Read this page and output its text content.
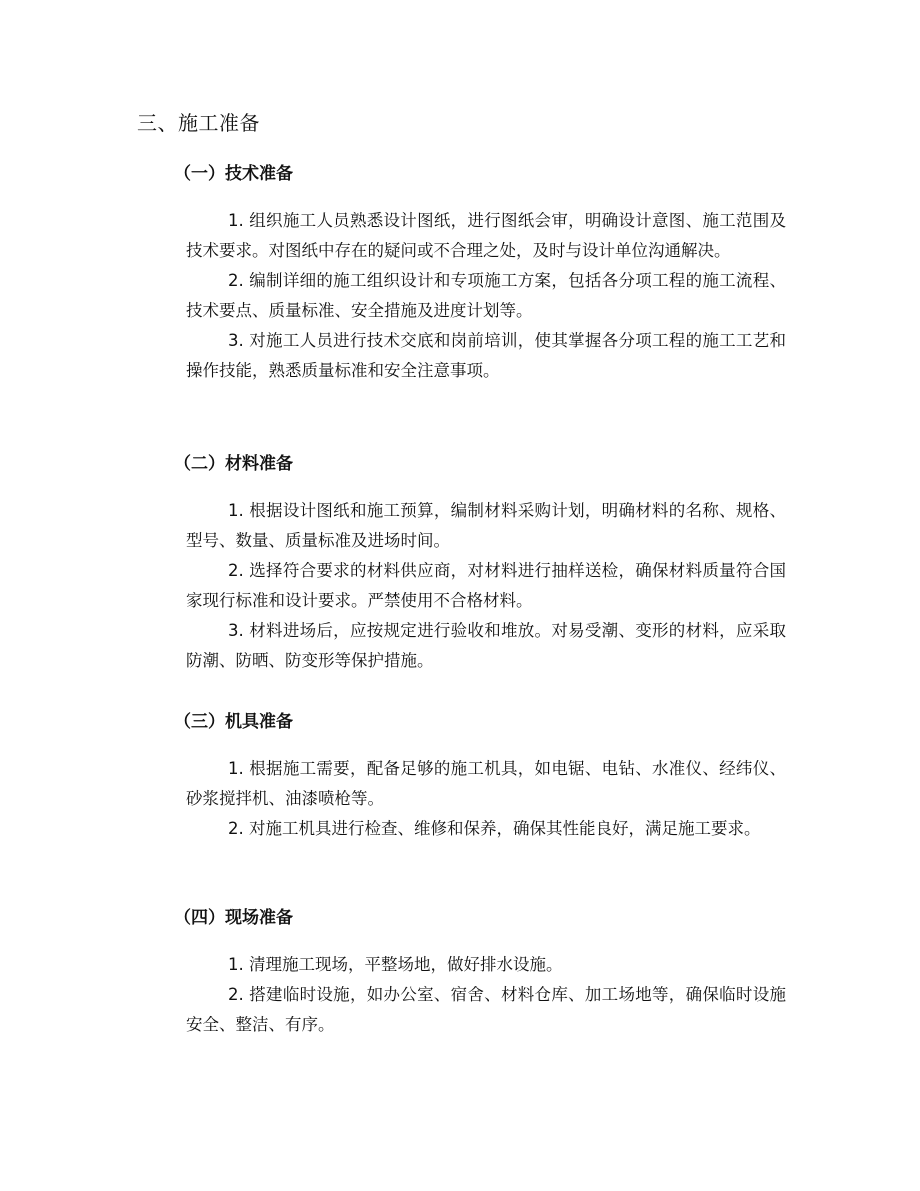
三、施工准备
（一）技术准备

1. 组织施工人员熟悉设计图纸，进行图纸会审，明确设计意图、施工范围及技术要求。对图纸中存在的疑问或不合理之处，及时与设计单位沟通解决。

2. 编制详细的施工组织设计和专项施工方案，包括各分项工程的施工流程、技术要点、质量标准、安全措施及进度计划等。

3. 对施工人员进行技术交底和岗前培训，使其掌握各分项工程的施工工艺和操作技能，熟悉质量标准和安全注意事项。

（二）材料准备

1. 根据设计图纸和施工预算，编制材料采购计划，明确材料的名称、规格、型号、数量、质量标准及进场时间。

2. 选择符合要求的材料供应商，对材料进行抽样送检，确保材料质量符合国家现行标准和设计要求。严禁使用不合格材料。

3. 材料进场后，应按规定进行验收和堆放。对易受潮、变形的材料，应采取防潮、防晒、防变形等保护措施。

（三）机具准备

1. 根据施工需要，配备足够的施工机具，如电锯、电钻、水准仪、经纬仪、砂浆搅拌机、油漆喷枪等。

2. 对施工机具进行检查、维修和保养，确保其性能良好，满足施工要求。

（四）现场准备

1. 清理施工现场，平整场地，做好排水设施。

2. 搭建临时设施，如办公室、宿舍、材料仓库、加工场地等，确保临时设施安全、整洁、有序。
